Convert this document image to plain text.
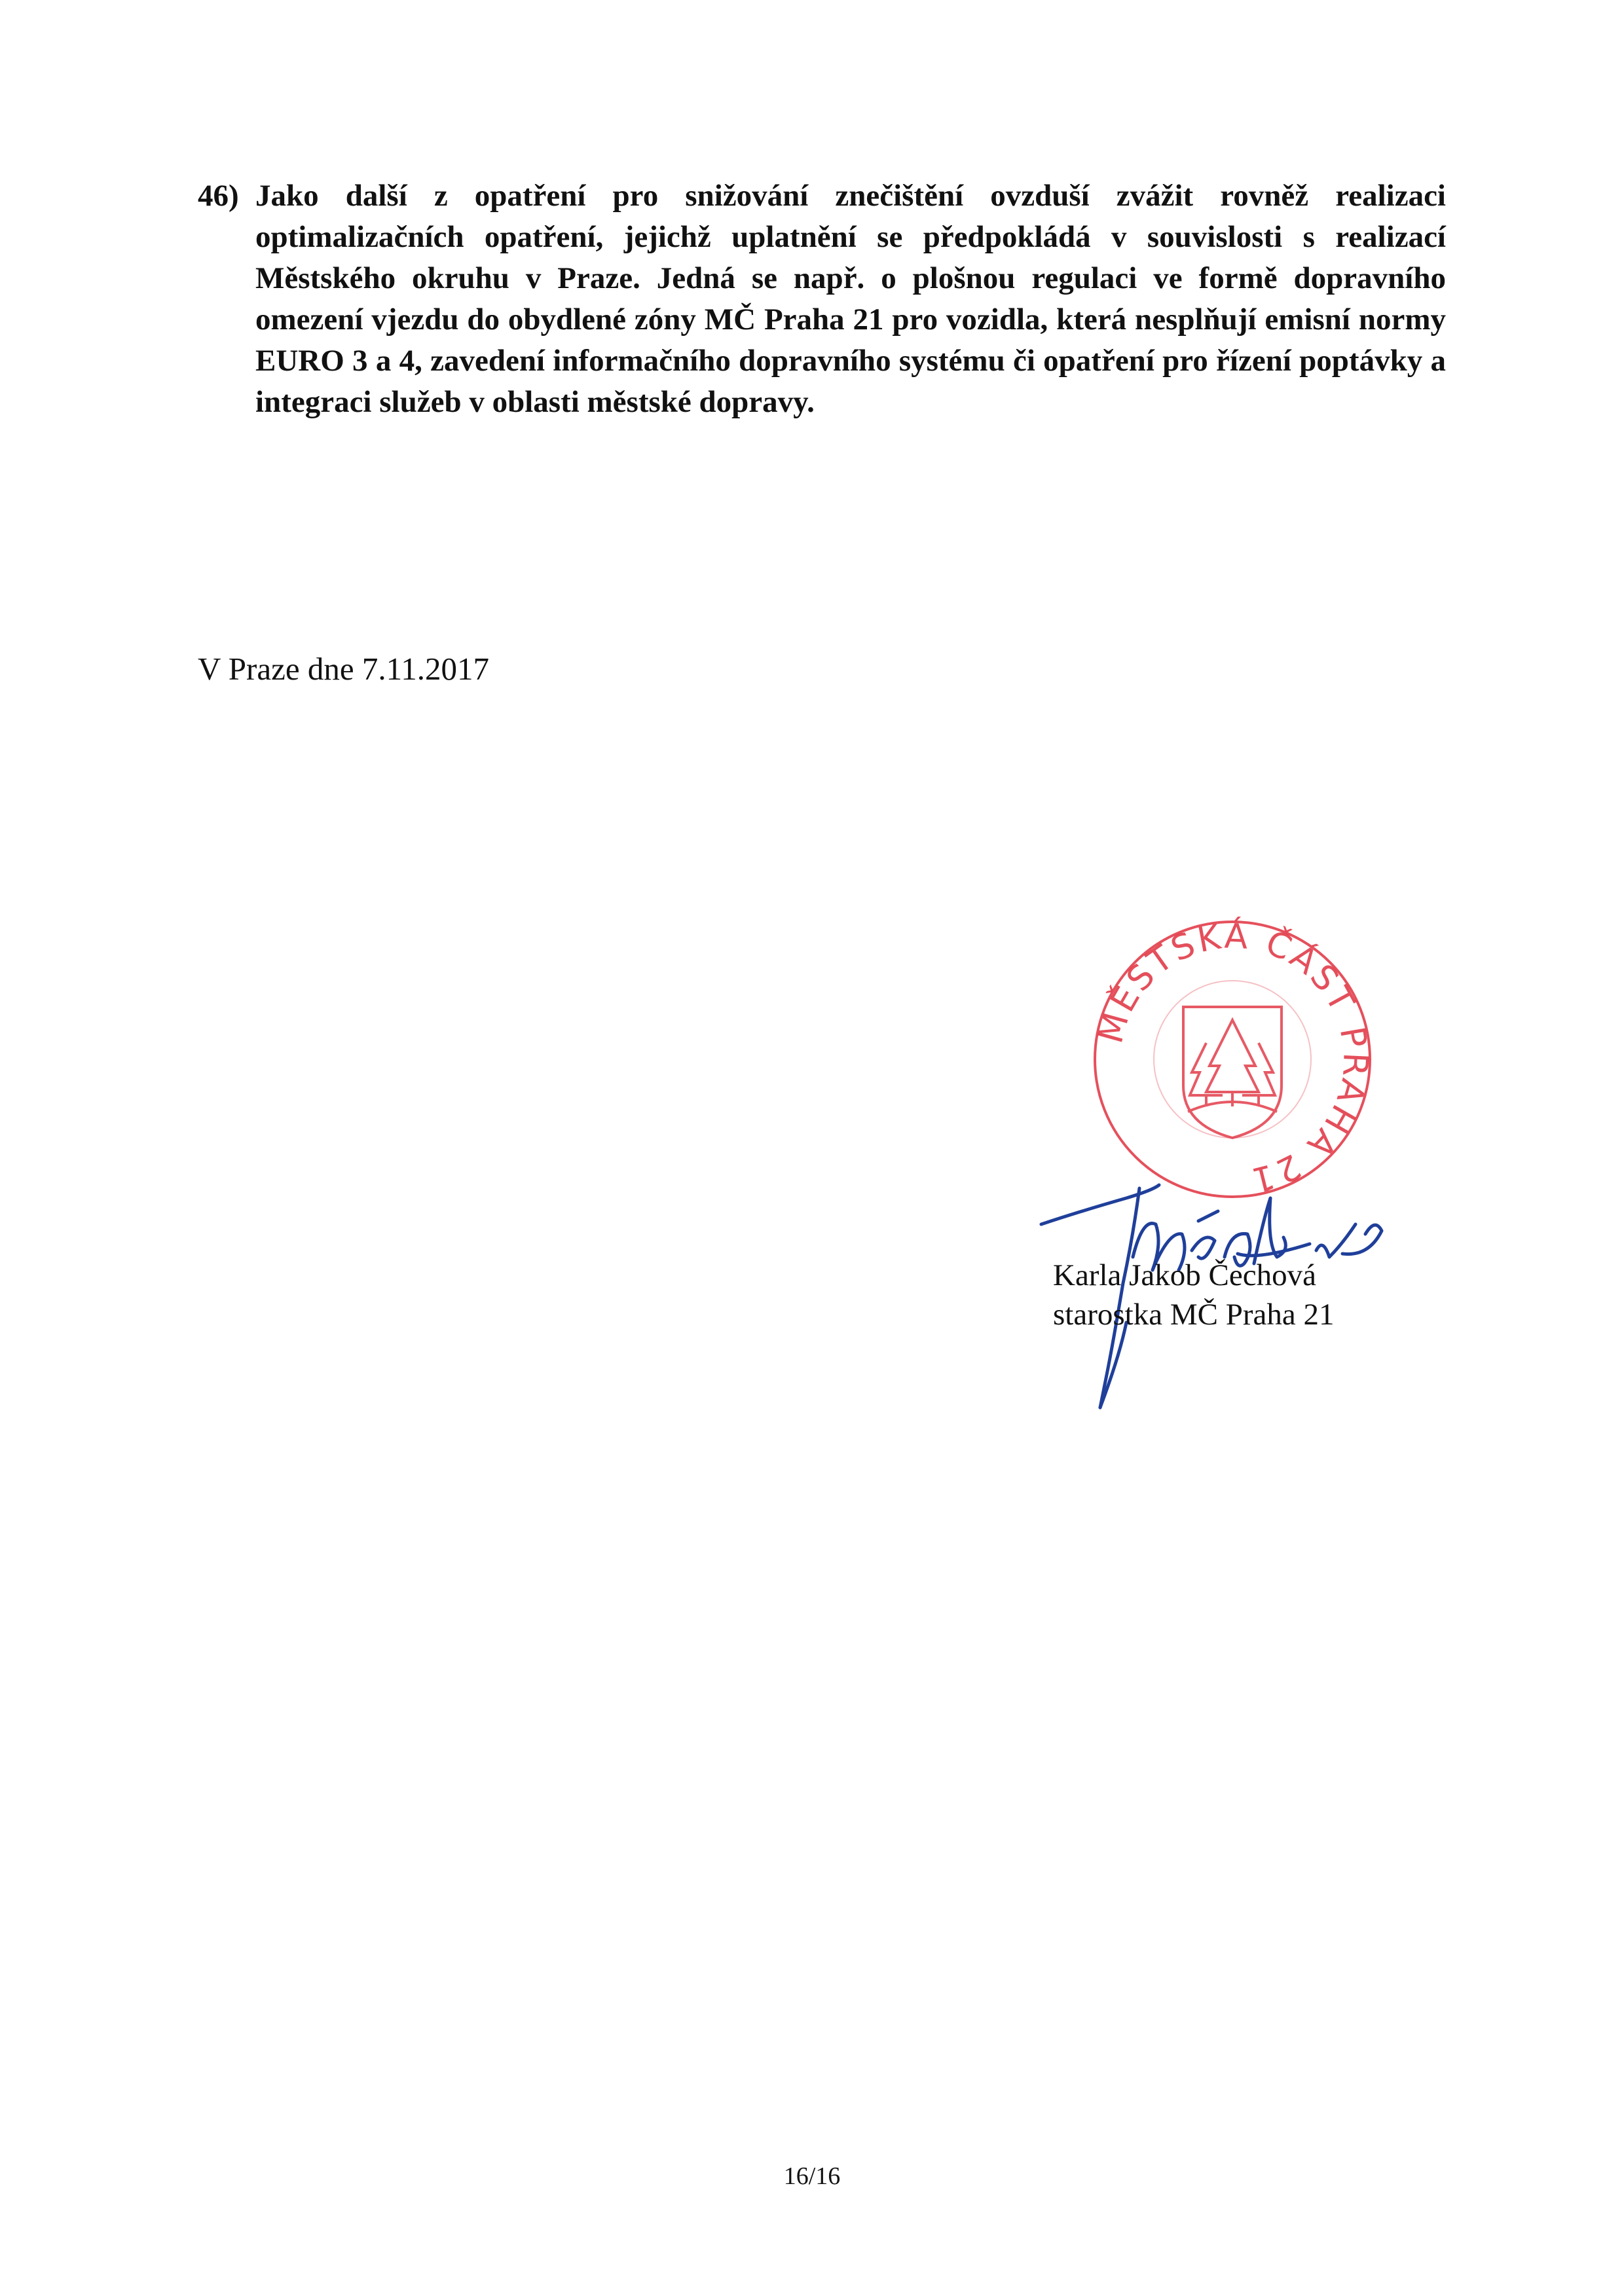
46) Jako další z opatření pro snižování znečištění ovzduší zvážit rovněž realizaci optimalizačních opatření, jejichž uplatnění se předpokládá v souvislosti s realizací Městského okruhu v Praze. Jedná se např. o plošnou regulaci ve formě dopravního omezení vjezdu do obydlené zóny MČ Praha 21 pro vozidla, která nesplňují emisní normy EURO 3 a 4, zavedení informačního dopravního systému či opatření pro řízení poptávky a integraci služeb v oblasti městské dopravy.
V Praze dne 7.11.2017
MĚSTSKÁ ČÁST PRAHA 21
Karla Jakob Čechová
starostka MČ Praha 21
16/16
